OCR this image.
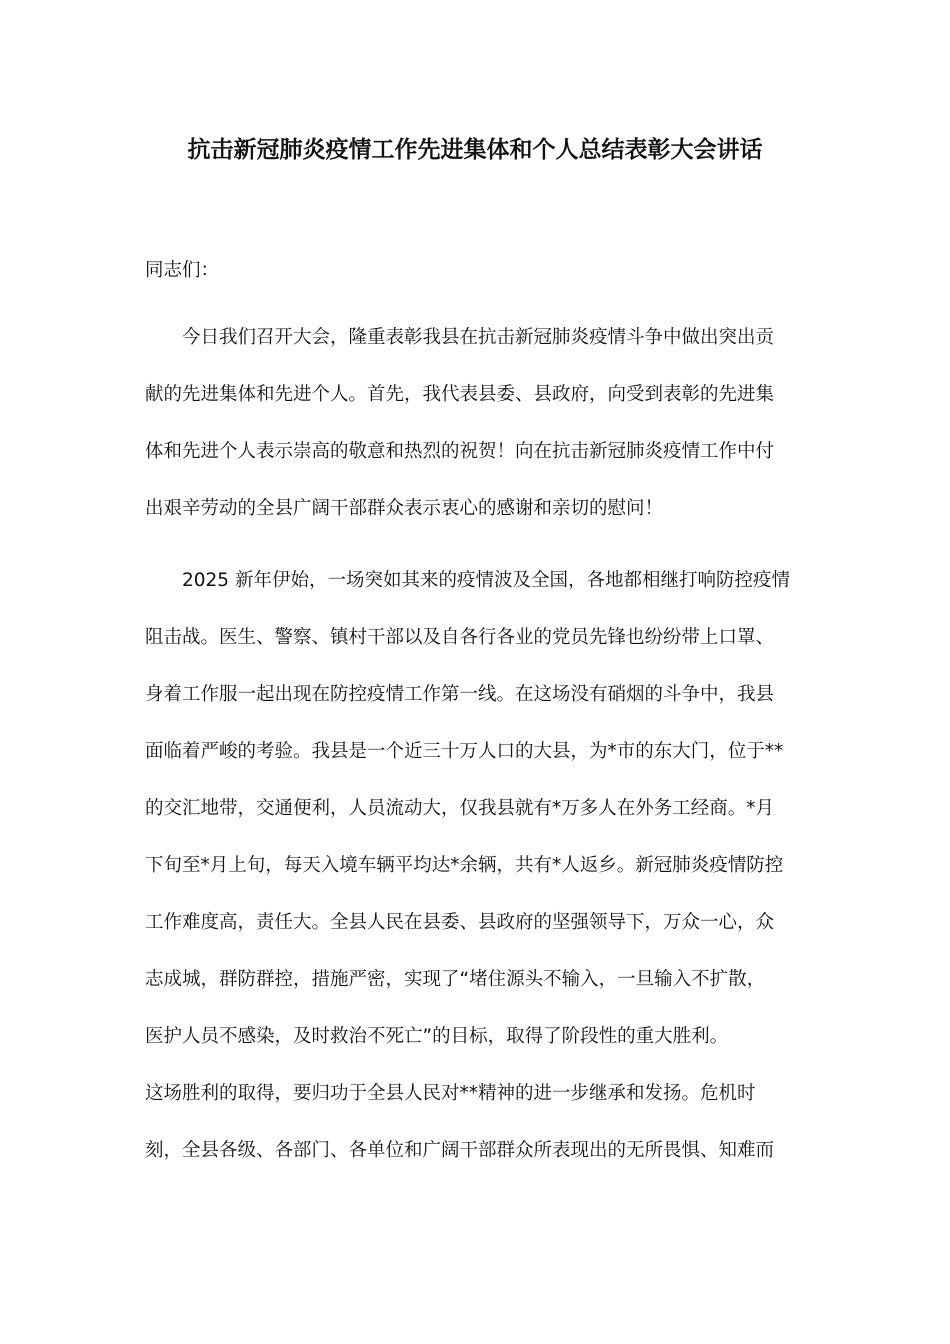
抗击新冠肺炎疫情工作先进集体和个人总结表彰大会讲话
同志们：
今日我们召开大会，隆重表彰我县在抗击新冠肺炎疫情斗争中做出突出贡
献的先进集体和先进个人。首先，我代表县委、县政府，向受到表彰的先进集
体和先进个人表示崇高的敬意和热烈的祝贺！向在抗击新冠肺炎疫情工作中付
出艰辛劳动的全县广阔干部群众表示衷心的感谢和亲切的慰问！
2025 新年伊始，一场突如其来的疫情波及全国，各地都相继打响防控疫情
阻击战。医生、警察、镇村干部以及自各行各业的党员先锋也纷纷带上口罩、
身着工作服一起出现在防控疫情工作第一线。在这场没有硝烟的斗争中，我县
面临着严峻的考验。我县是一个近三十万人口的大县，为*市的东大门，位于**
的交汇地带，交通便利，人员流动大，仅我县就有*万多人在外务工经商。*月
下旬至*月上旬，每天入境车辆平均达*余辆，共有*人返乡。新冠肺炎疫情防控
工作难度高，责任大。全县人民在县委、县政府的坚强领导下，万众一心，众
志成城，群防群控，措施严密，实现了“堵住源头不输入，一旦输入不扩散，
医护人员不感染，及时救治不死亡”的目标，取得了阶段性的重大胜利。
这场胜利的取得，要归功于全县人民对**精神的进一步继承和发扬。危机时
刻，全县各级、各部门、各单位和广阔干部群众所表现出的无所畏惧、知难而
